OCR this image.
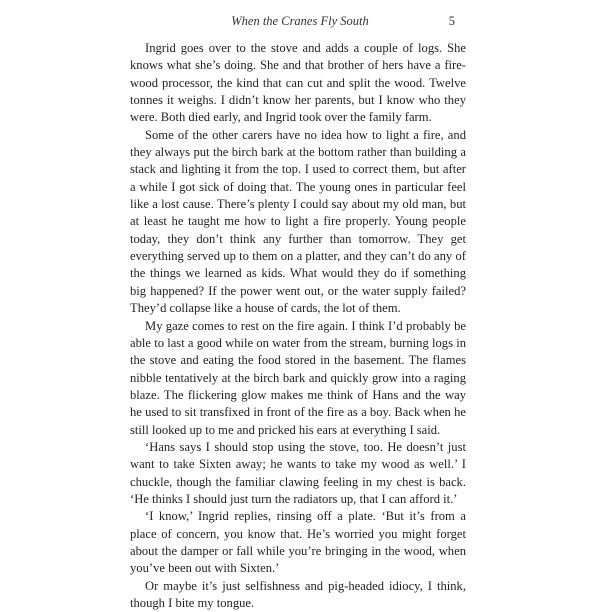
When the Cranes Fly South	5

Ingrid goes over to the stove and adds a couple of logs. She knows what she’s doing. She and that brother of hers have a firewood processor, the kind that can cut and split the wood. Twelve tonnes it weighs. I didn’t know her parents, but I know who they were. Both died early, and Ingrid took over the family farm.

Some of the other carers have no idea how to light a fire, and they always put the birch bark at the bottom rather than building a stack and lighting it from the top. I used to correct them, but after a while I got sick of doing that. The young ones in particular feel like a lost cause. There’s plenty I could say about my old man, but at least he taught me how to light a fire properly. Young people today, they don’t think any further than tomorrow. They get everything served up to them on a platter, and they can’t do any of the things we learned as kids. What would they do if something big happened? If the power went out, or the water supply failed? They’d collapse like a house of cards, the lot of them.

My gaze comes to rest on the fire again. I think I’d probably be able to last a good while on water from the stream, burning logs in the stove and eating the food stored in the basement. The flames nibble tentatively at the birch bark and quickly grow into a raging blaze. The flickering glow makes me think of Hans and the way he used to sit transfixed in front of the fire as a boy. Back when he still looked up to me and pricked his ears at everything I said.

‘Hans says I should stop using the stove, too. He doesn’t just want to take Sixten away; he wants to take my wood as well.’ I chuckle, though the familiar clawing feeling in my chest is back. ‘He thinks I should just turn the radiators up, that I can afford it.’

‘I know,’ Ingrid replies, rinsing off a plate. ‘But it’s from a place of concern, you know that. He’s worried you might forget about the damper or fall while you’re bringing in the wood, when you’ve been out with Sixten.’

Or maybe it’s just selfishness and pig-headed idiocy, I think, though I bite my tongue.
